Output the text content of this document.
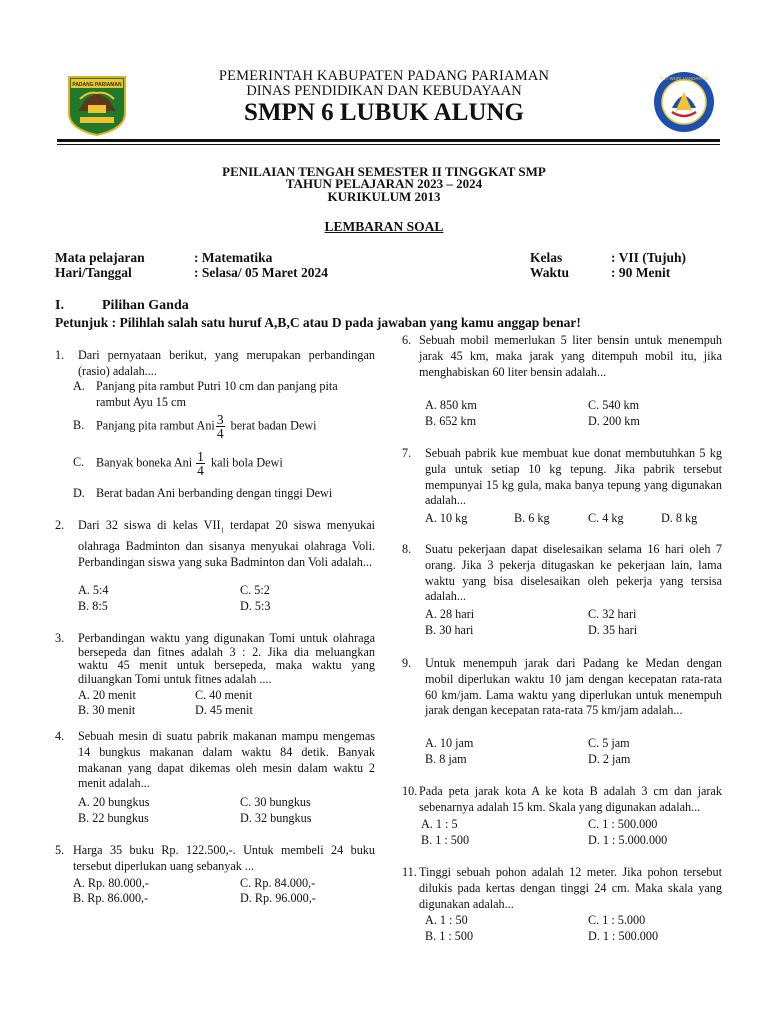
PADANG PARIAMAN
TUT WURI HANDAYANI
PEMERINTAH KABUPATEN PADANG PARIAMAN
DINAS PENDIDIKAN DAN KEBUDAYAAN
SMPN 6 LUBUK ALUNG
PENILAIAN TENGAH SEMESTER II TINGGKAT SMP
TAHUN PELAJARAN 2023 – 2024
KURIKULUM 2013
LEMBARAN SOAL
Mata pelajaran	: Matematika
Hari/Tanggal	: Selasa/ 05 Maret 2024
Kelas	: VII (Tujuh)
Waktu	: 90 Menit
I.	Pilihan Ganda
Petunjuk : Pilihlah salah satu huruf A,B,C atau D pada jawaban yang kamu anggap benar!
1. Dari pernyataan berikut, yang merupakan perbandingan (rasio) adalah....
A. Panjang pita rambut Putri 10 cm dan panjang pita rambut Ayu 15 cm
B. Panjang pita rambut Ani $\frac{3}{4}$ berat badan Dewi
C. Banyak boneka Ani $\frac{1}{4}$ kali bola Dewi
D. Berat badan Ani berbanding dengan tinggi Dewi
2. Dari 32 siswa di kelas $VII_1$ terdapat 20 siswa menyukai olahraga Badminton dan sisanya menyukai olahraga Voli. Perbandingan siswa yang suka Badminton dan Voli adalah...
A. 5:4
B. 8:5
C. 5:2
D. 5:3
3. Perbandingan waktu yang digunakan Tomi untuk olahraga bersepeda dan fitnes adalah 3 : 2. Jika dia meluangkan waktu 45 menit untuk bersepeda, maka waktu yang diluangkan Tomi untuk fitnes adalah ....
A. 20 menit
B. 30 menit
C. 40 menit
D. 45 menit
4. Sebuah mesin di suatu pabrik makanan mampu mengemas 14 bungkus makanan dalam waktu 84 detik. Banyak makanan yang dapat dikemas oleh mesin dalam waktu 2 menit adalah...
A. 20 bungkus
B. 22 bungkus
C. 30 bungkus
D. 32 bungkus
5. Harga 35 buku Rp. 122.500,-. Untuk membeli 24 buku tersebut diperlukan uang sebanyak ...
A. Rp. 80.000,-
B. Rp. 86.000,-
C. Rp. 84.000,-
D. Rp. 96.000,-
6. Sebuah mobil memerlukan 5 liter bensin untuk menempuh jarak 45 km, maka jarak yang ditempuh mobil itu, jika menghabiskan 60 liter bensin adalah...
A. 850 km
B. 652 km
C. 540 km
D. 200 km
7. Sebuah pabrik kue membuat kue donat membutuhkan 5 kg gula untuk setiap 10 kg tepung. Jika pabrik tersebut mempunyai 15 kg gula, maka banya tepung yang digunakan adalah...
A. 10 kg	B. 6 kg	C. 4 kg	D. 8 kg
8. Suatu pekerjaan dapat diselesaikan selama 16 hari oleh 7 orang. Jika 3 pekerja ditugaskan ke pekerjaan lain, lama waktu yang bisa diselesaikan oleh pekerja yang tersisa adalah...
A. 28 hari
B. 30 hari
C. 32 hari
D. 35 hari
9. Untuk menempuh jarak dari Padang ke Medan dengan mobil diperlukan waktu 10 jam dengan kecepatan rata-rata 60 km/jam. Lama waktu yang diperlukan untuk menempuh jarak dengan kecepatan rata-rata 75 km/jam adalah...
A. 10 jam
B. 8 jam
C. 5 jam
D. 2 jam
10. Pada peta jarak kota A ke kota B adalah 3 cm dan jarak sebenarnya adalah 15 km. Skala yang digunakan adalah...
A. 1 : 5
B. 1 : 500
C. 1 : 500.000
D. 1 : 5.000.000
11. Tinggi sebuah pohon adalah 12 meter. Jika pohon tersebut dilukis pada kertas dengan tinggi 24 cm. Maka skala yang digunakan adalah...
A. 1 : 50
B. 1 : 500
C. 1 : 5.000
D. 1 : 500.000
